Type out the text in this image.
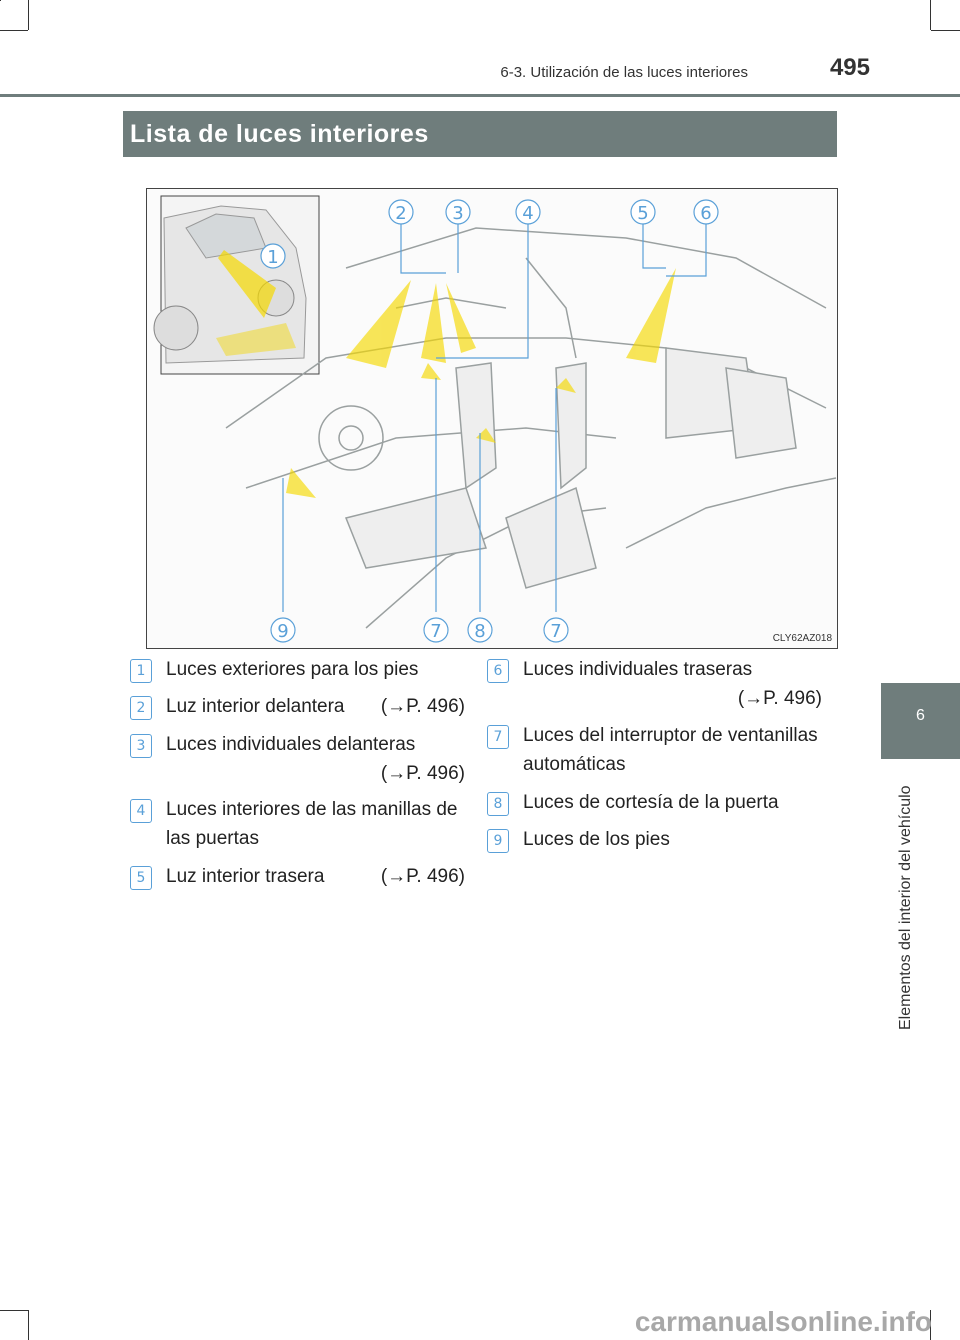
6-3. Utilización de las luces interiores	495
6
Elementos del interior del vehículo
Lista de luces interiores
1
2	3	4	5	6
9	7 8	7	CLY62AZ018
1	Luces exteriores para los pies
2	Luz interior delantera (→P. 496)
3	Luces individuales delanteras
(→P. 496)
4	Luces interiores de las manillas de
las puertas
5	Luz interior trasera	(→P. 496)
6	Luces individuales traseras
(→P. 496)
7	Luces del interruptor de ventanillas
automáticas
8	Luces de cortesía de la puerta
9	Luces de los pies
carmanualsonline.info
